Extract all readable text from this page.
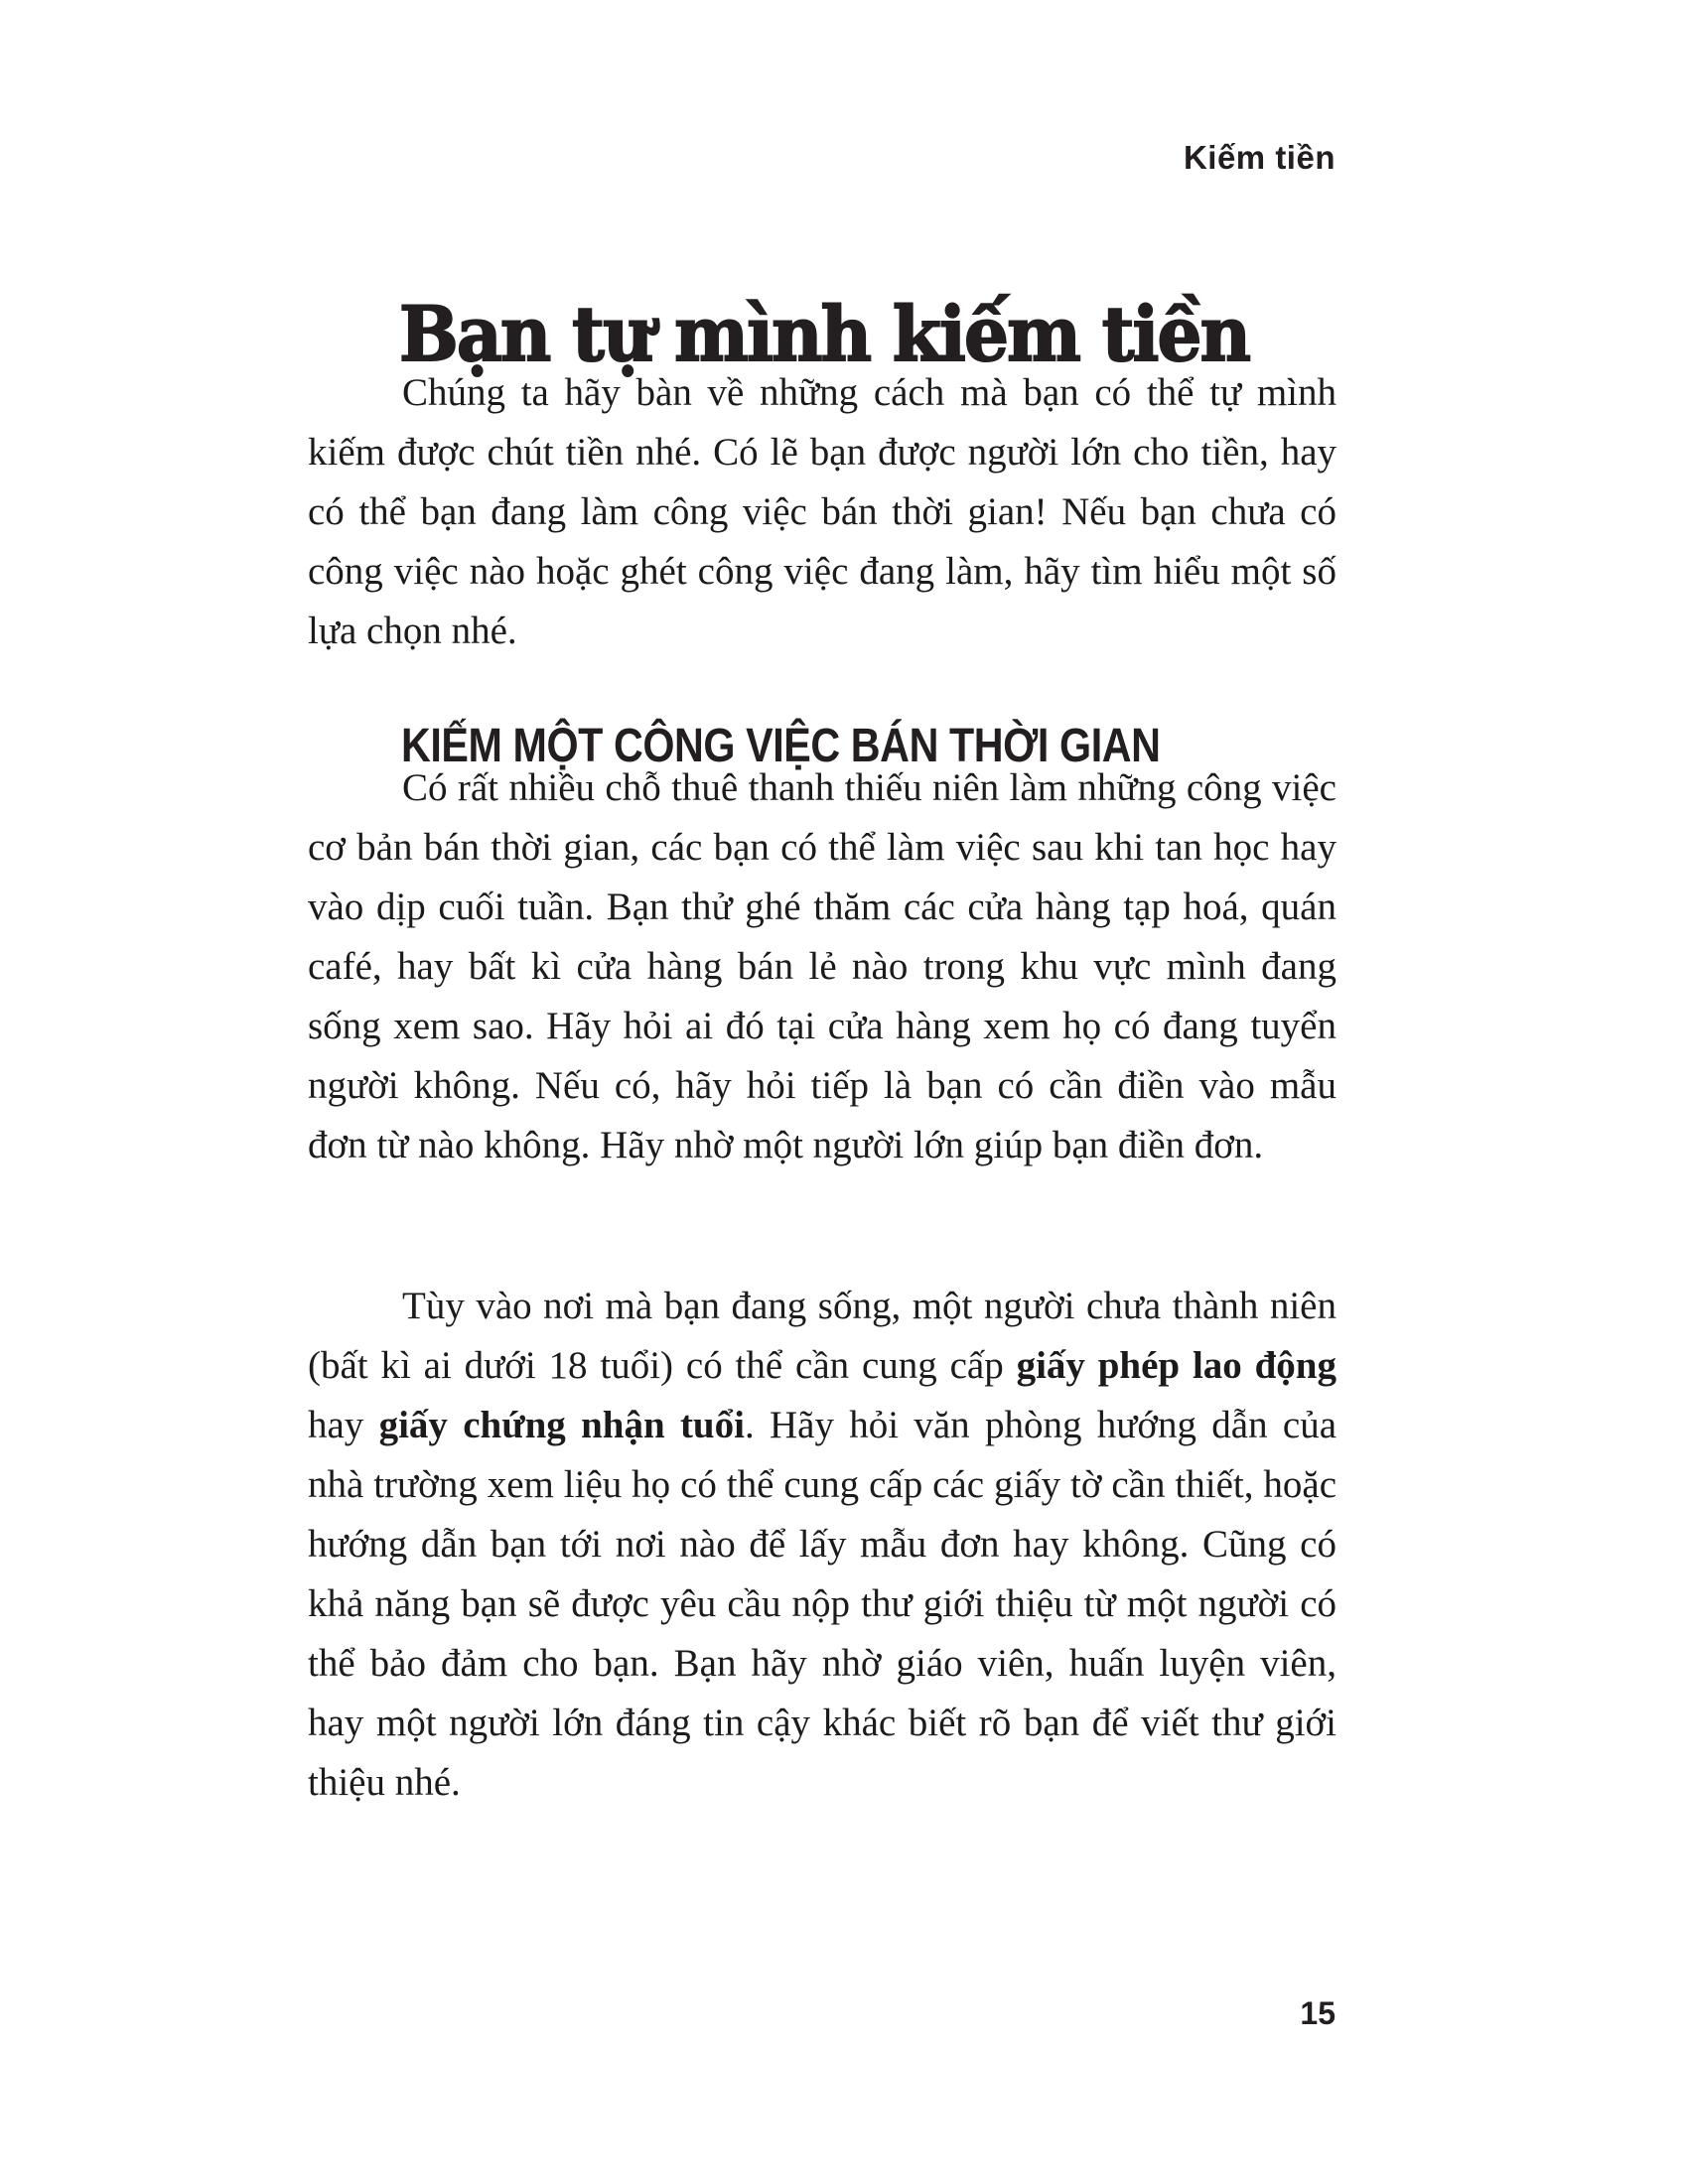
Kiếm tiền
Bạn tự mình kiếm tiền

Chúng ta hãy bàn về những cách mà bạn có thể tự mình kiếm được chút tiền nhé. Có lẽ bạn được người lớn cho tiền, hay có thể bạn đang làm công việc bán thời gian! Nếu bạn chưa có công việc nào hoặc ghét công việc đang làm, hãy tìm hiểu một số lựa chọn nhé.

KIẾM MỘT CÔNG VIỆC BÁN THỜI GIAN

Có rất nhiều chỗ thuê thanh thiếu niên làm những công việc cơ bản bán thời gian, các bạn có thể làm việc sau khi tan học hay vào dịp cuối tuần. Bạn thử ghé thăm các cửa hàng tạp hoá, quán café, hay bất kì cửa hàng bán lẻ nào trong khu vực mình đang sống xem sao. Hãy hỏi ai đó tại cửa hàng xem họ có đang tuyển người không. Nếu có, hãy hỏi tiếp là bạn có cần điền vào mẫu đơn từ nào không. Hãy nhờ một người lớn giúp bạn điền đơn.

Tùy vào nơi mà bạn đang sống, một người chưa thành niên (bất kì ai dưới 18 tuổi) có thể cần cung cấp giấy phép lao động hay giấy chứng nhận tuổi. Hãy hỏi văn phòng hướng dẫn của nhà trường xem liệu họ có thể cung cấp các giấy tờ cần thiết, hoặc hướng dẫn bạn tới nơi nào để lấy mẫu đơn hay không. Cũng có khả năng bạn sẽ được yêu cầu nộp thư giới thiệu từ một người có thể bảo đảm cho bạn. Bạn hãy nhờ giáo viên, huấn luyện viên, hay một người lớn đáng tin cậy khác biết rõ bạn để viết thư giới thiệu nhé.

15
